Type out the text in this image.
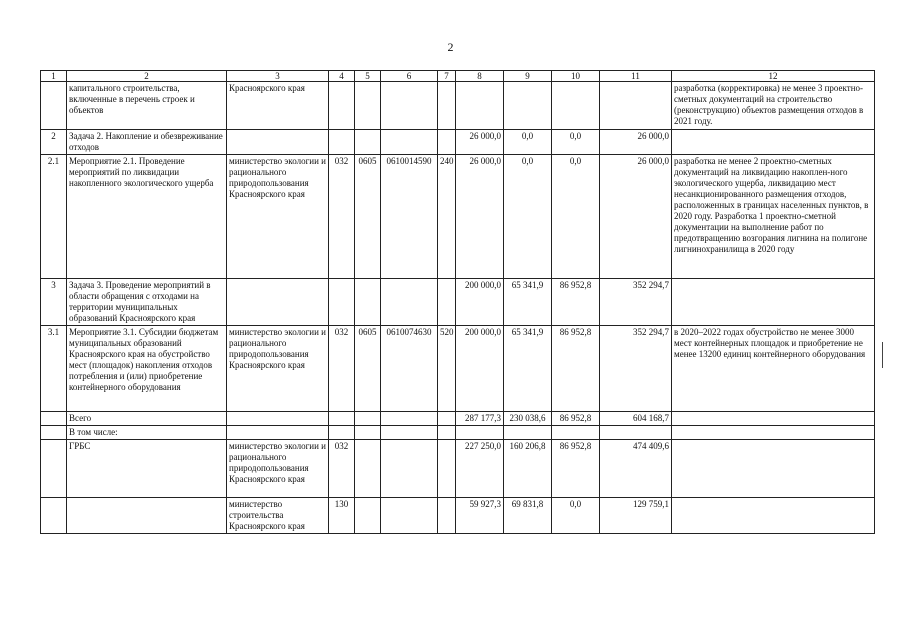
2
1	2	3	4	5	6	7	8	9	10	11	12
	капитального строительства, включенные в перечень строек и объектов	Красноярского края									разработка (корректировка) не менее 3 проектно-сметных документаций на строительство (реконструкцию) объектов размещения отходов в 2021 году.
2	Задача 2. Накопление и обезвреживание отходов						26 000,0	0,0	0,0	26 000,0	
2.1	Мероприятие 2.1. Проведение мероприятий по ликвидации накопленного экологического ущерба	министерство экологии и рационального природопользования Красноярского края	032	0605	0610014590	240	26 000,0	0,0	0,0	26 000,0	разработка не менее 2 проектно-сметных документаций на ликвидацию накоплен-ного экологического ущерба, ликвидацию мест несанкционированного размещения отходов, расположенных в границах населенных пунктов, в 2020 году. Разработка 1 проектно-сметной документации на выполнение работ по предотвращению возгорания лигнина на полигоне лигнинохранилища в 2020 году
3	Задача 3. Проведение мероприятий в области обращения с отходами на территории муниципальных образований Красноярского края						200 000,0	65 341,9	86 952,8	352 294,7	
3.1	Мероприятие 3.1. Субсидии бюджетам муниципальных образований Красноярского края на обустройство мест (площадок) накопления отходов потребления и (или) приобретение контейнерного оборудования	министерство экологии и рационального природопользования Красноярского края	032	0605	0610074630	520	200 000,0	65 341,9	86 952,8	352 294,7	в 2020–2022 годах обустройство не менее 3000 мест контейнерных площадок и приобретение не менее 13200 единиц контейнерного оборудования
	Всего						287 177,3	230 038,6	86 952,8	604 168,7	
	В том числе:										
	ГРБС	министерство экологии и рационального природопользования Красноярского края	032				227 250,0	160 206,8	86 952,8	474 409,6	
		министерство строительства Красноярского края	130				59 927,3	69 831,8	0,0	129 759,1	
